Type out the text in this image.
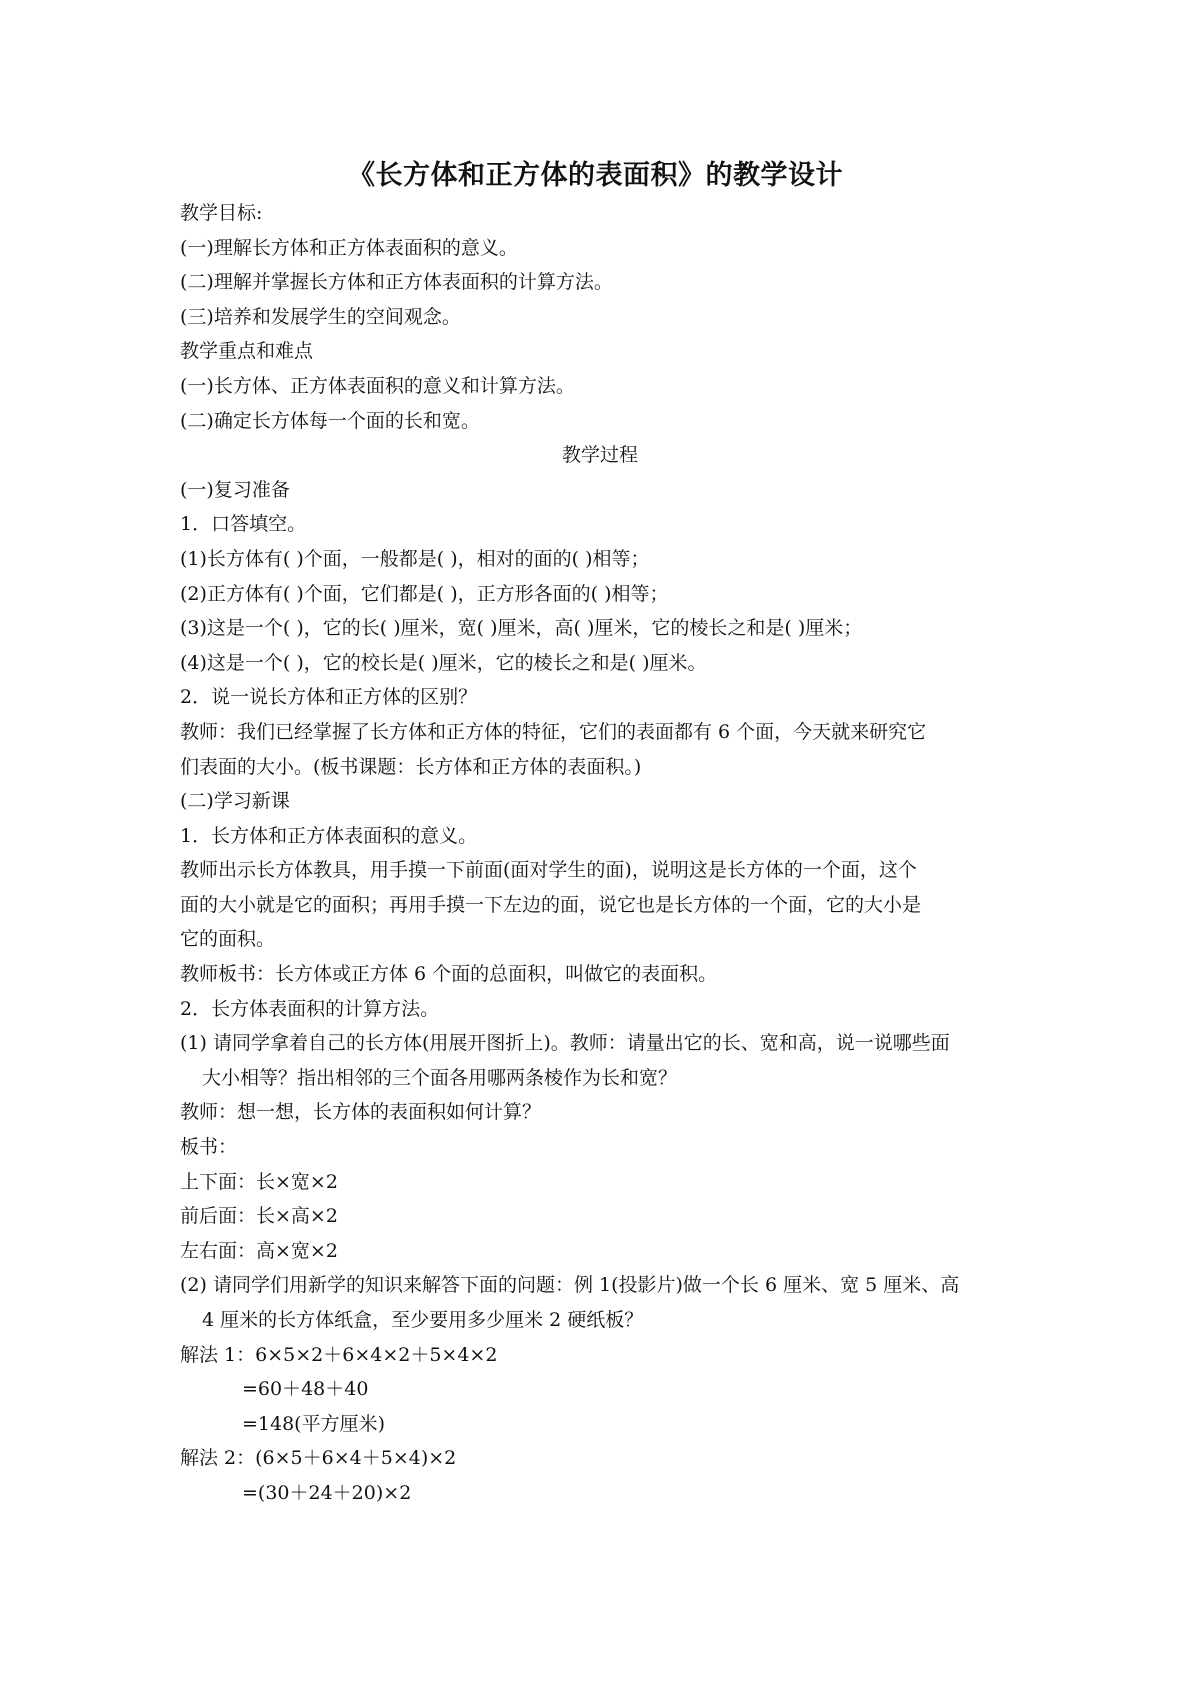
《长方体和正方体的表面积》的教学设计

教学目标:

(一)理解长方体和正方体表面积的意义。

(二)理解并掌握长方体和正方体表面积的计算方法。

(三)培养和发展学生的空间观念。

教学重点和难点

(一)长方体、正方体表面积的意义和计算方法。

(二)确定长方体每一个面的长和宽。

教学过程

(一)复习准备

1．口答填空。

(1)长方体有( )个面，一般都是( )，相对的面的( )相等；

(2)正方体有( )个面，它们都是( )，正方形各面的( )相等；

(3)这是一个( )，它的长( )厘米，宽( )厘米，高( )厘米，它的棱长之和是( )厘米；

(4)这是一个( )，它的校长是( )厘米，它的棱长之和是( )厘米。

2．说一说长方体和正方体的区别？

教师：我们已经掌握了长方体和正方体的特征，它们的表面都有 6 个面，今天就来研究它

们表面的大小。(板书课题：长方体和正方体的表面积。)

(二)学习新课

1．长方体和正方体表面积的意义。

教师出示长方体教具，用手摸一下前面(面对学生的面)，说明这是长方体的一个面，这个

面的大小就是它的面积；再用手摸一下左边的面，说它也是长方体的一个面，它的大小是

它的面积。

教师板书：长方体或正方体 6 个面的总面积，叫做它的表面积。

2．长方体表面积的计算方法。

(1) 请同学拿着自己的长方体(用展开图折上)。教师：请量出它的长、宽和高，说一说哪些面

大小相等？指出相邻的三个面各用哪两条棱作为长和宽？

教师：想一想，长方体的表面积如何计算？

板书：

上下面：长×宽×2

前后面：长×高×2

左右面：高×宽×2

(2) 请同学们用新学的知识来解答下面的问题：例 1(投影片)做一个长 6 厘米、宽 5 厘米、高

4 厘米的长方体纸盒，至少要用多少厘米 2 硬纸板？

解法 1：6×5×2＋6×4×2＋5×4×2

=60＋48＋40

=148(平方厘米)

解法 2：(6×5＋6×4＋5×4)×2

=(30＋24＋20)×2
